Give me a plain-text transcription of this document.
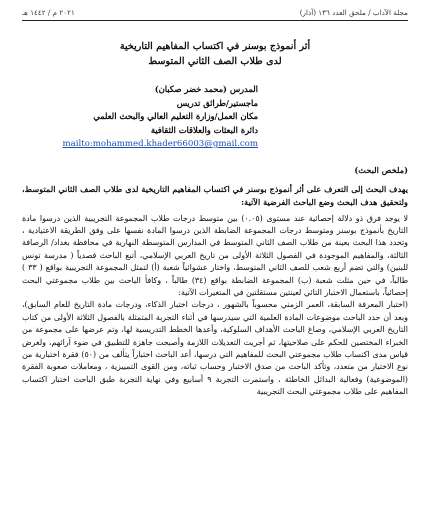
مجلة الآداب / ملحق العدد ١٣٦ (آذار)
٢٠٢١ م / ١٤٤٢ هـ
أثر أنموذج بوسنر في اكتساب المفاهيم التاريخية
لدى طلاب الصف الثاني المتوسط
المدرس (محمد خضر صكبان)
ماجستير/طرائق تدريس
مكان العمل/وزارة التعليم العالي والبحث العلمي
دائرة البعثات والعلاقات الثقافية
mailto:mohammed.khader66003@gmail.com
(ملخص البحث)
يهدف البحث إلى التعرف على أثر أنموذج بوسنر في اكتساب المفاهيم التاريخية لدى طلاب الصف الثاني المتوسط، ولتحقيق هدف البحث وضع الباحث الفرضية الآتية:

لا يوجد فرق ذو دلالة إحصائية عند مستوى (٠.٠٥) بين متوسط درجات طلاب المجموعة التجريبية الذين درسوا مادة التاريخ بأنموذج بوسنر ومتوسط درجات المجموعة الضابطة الذين درسوا المادة نفسها على وفق الطريقة الاعتيادية ، وتحدد هذا البحث بعينة من طلاب الصف الثاني المتوسط في المدارس المتوسطة النهارية في محافظة بغداد/ الرصافة الثالثة، والمفاهيم الموجودة في الفصول الثلاثة الأولى من تاريخ العربي الإسلامي، أتبع الباحث قصدياً ( مدرسة تونس للبنين) والتي تضم أربع شعب للصف الثاني المتوسط، واختار عشوائياً شعبة (أ) لتمثل المجموعة التجريبية بواقع ( ٣٣ ) طالباً، في حين مثلت شعبة (ب) المجموعة الضابطة بواقع (٣٤) طالباً ، وكافأ الباحث بين طلاب مجموعتي البحث إحصائياً، باستعمال الاختبار التائي لعينتين مستقلتين في المتغيرات الآتية:

(اختبار المعرفة السابقة، العمر الزمني محسوباً بالشهور ، درجات اختبار الذكاء، ودرجات مادة التاريخ للعام السابق)، وبعد أن حدد الباحث موضوعات المادة العلمية التي سيدرسها في أثناء التجربة المتمثلة بالفصول الثلاثة الأولى من كتاب التاريخ العربي الإسلامي، وصاغ الباحث الأهداف السلوكية، وأعدها الخطط التدريسية لها، وتم عرضها على مجموعة من الخبراء المختصين للحكم على صلاحيتها، ثم أجريت التعديلات اللازمة وأصبحت جاهزة للتطبيق في ضوء آرائهم، ولغرض قياس مدى اكتساب طلاب مجموعتي البحث للمفاهيم التي درسها، أعد الباحث اختباراً يتألف من (٥٠) فقرة اختبارية من نوع الاختيار من متعدد، وتأكد الباحث من صدق الاختبار وحساب ثباته، ومن القوى التمييزية ، ومعاملات صعوبة الفقرة (الموضوعية) وفعالية البدائل الخاطئة ، واستمرت التجربة ٩ أسابيع وفي نهاية التجربة طبق الباحث اختبار اكتساب المفاهيم على طلاب مجموعتي البحث التجريبية
